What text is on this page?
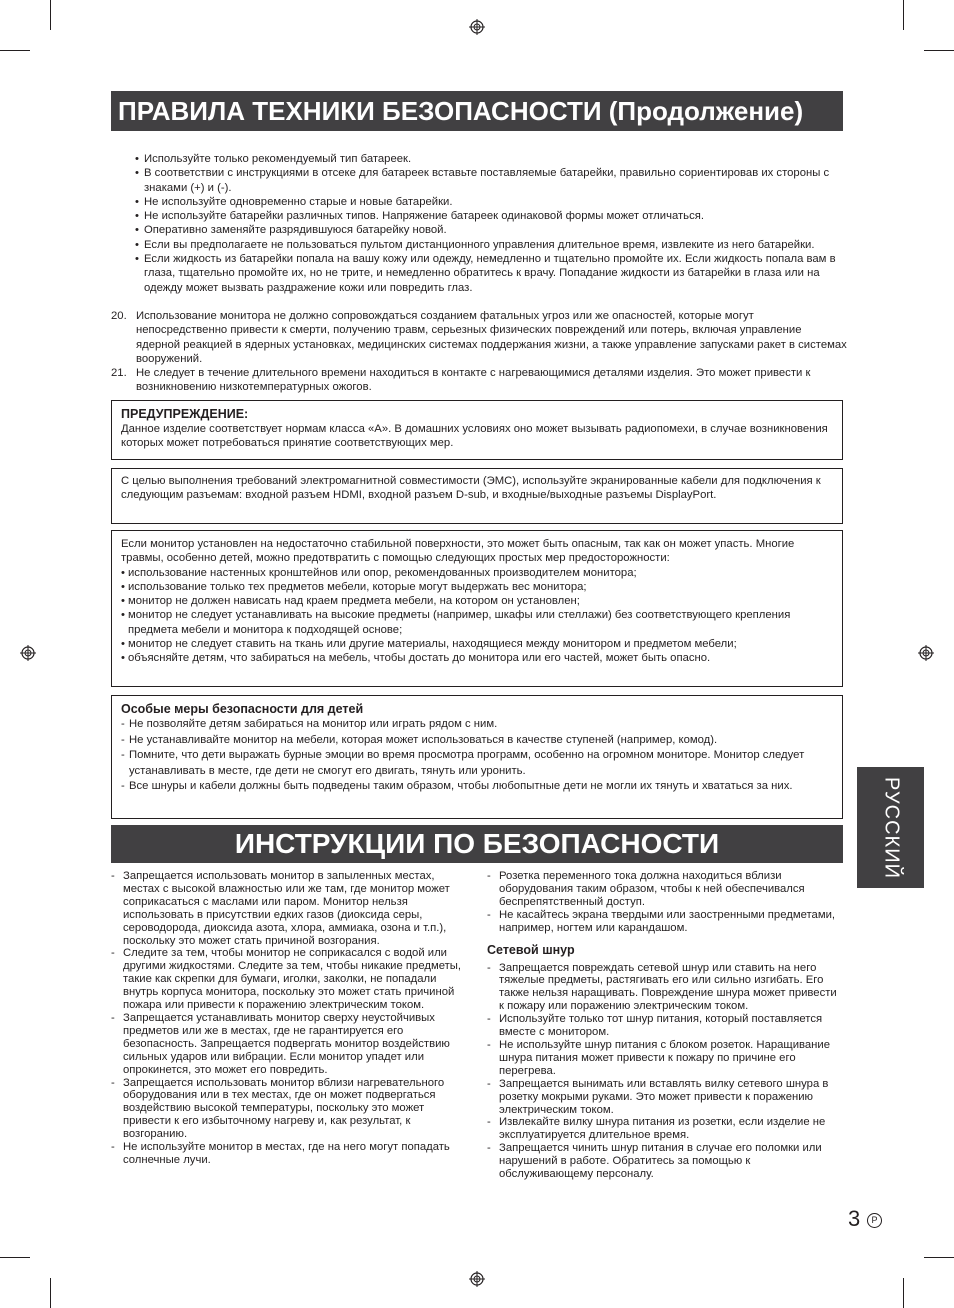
ПРАВИЛА ТЕХНИКИ БЕЗОПАСНОСТИ (Продолжение)
• Используйте только рекомендуемый тип батареек.
• В соответствии с инструкциями в отсеке для батареек вставьте поставляемые батарейки, правильно сориентировав их стороны с знаками (+) и (-).
• Не используйте одновременно старые и новые батарейки.
• Не используйте батарейки различных типов. Напряжение батареек одинаковой формы может отличаться.
• Оперативно заменяйте разрядившуюся батарейку новой.
• Если вы предполагаете не пользоваться пультом дистанционного управления длительное время, извлеките из него батарейки.
• Если жидкость из батарейки попала на вашу кожу или одежду, немедленно и тщательно промойте их. Если жидкость попала вам в глаза, тщательно промойте их, но не трите, и немедленно обратитесь к врачу. Попадание жидкости из батарейки в глаза или на одежду может вызвать раздражение кожи или повредить глаз.
20. Использование монитора не должно сопровождаться созданием фатальных угроз или же опасностей, которые могут непосредственно привести к смерти, получению травм, серьезных физических повреждений или потерь, включая управление ядерной реакцией в ядерных установках, медицинских системах поддержания жизни, а также управление запусками ракет в системах вооружений.
21. Не следует в течение длительного времени находиться в контакте с нагревающимися деталями изделия. Это может привести к возникновению низкотемпературных ожогов.
ПРЕДУПРЕЖДЕНИЕ:
Данное изделие соответствует нормам класса «A». В домашних условиях оно может вызывать радиопомехи, в случае возникновения которых может потребоваться принятие соответствующих мер.
С целью выполнения требований электромагнитной совместимости (ЭМС), используйте экранированные кабели для подключения к следующим разъемам: входной разъем HDMI, входной разъем D-sub, и входные/выходные разъемы DisplayPort.
Если монитор установлен на недостаточно стабильной поверхности, это может быть опасным, так как он может упасть. Многие травмы, особенно детей, можно предотвратить с помощью следующих простых мер предосторожности:
• использование настенных кронштейнов или опор, рекомендованных производителем монитора;
• использование только тех предметов мебели, которые могут выдержать вес монитора;
• монитор не должен нависать над краем предмета мебели, на котором он установлен;
• монитор не следует устанавливать на высокие предметы (например, шкафы или стеллажи) без соответствующего крепления предмета мебели и монитора к подходящей основе;
• монитор не следует ставить на ткань или другие материалы, находящиеся между монитором и предметом мебели;
• объясняйте детям, что забираться на мебель, чтобы достать до монитора или его частей, может быть опасно.
Особые меры безопасности для детей
- Не позволяйте детям забираться на монитор или играть рядом с ним.
- Не устанавливайте монитор на мебели, которая может использоваться в качестве ступеней (например, комод).
- Помните, что дети выражать бурные эмоции во время просмотра программ, особенно на огромном мониторе. Монитор следует устанавливать в месте, где дети не смогут его двигать, тянуть или уронить.
- Все шнуры и кабели должны быть подведены таким образом, чтобы любопытные дети не могли их тянуть и хвататься за них.
ИНСТРУКЦИИ ПО БЕЗОПАСНОСТИ
- Запрещается использовать монитор в запыленных местах, местах с высокой влажностью или же там, где монитор может соприкасаться с маслами или паром. Монитор нельзя использовать в присутствии едких газов (диоксида серы, сероводорода, диоксида азота, хлора, аммиака, озона и т.п.), поскольку это может стать причиной возгорания.
- Следите за тем, чтобы монитор не соприкасался с водой или другими жидкостями. Следите за тем, чтобы никакие предметы, такие как скрепки для бумаги, иголки, заколки, не попадали внутрь корпуса монитора, поскольку это может стать причиной пожара или привести к поражению электрическим током.
- Запрещается устанавливать монитор сверху неустойчивых предметов или же в местах, где не гарантируется его безопасность. Запрещается подвергать монитор воздействию сильных ударов или вибрации. Если монитор упадет или опрокинется, это может его повредить.
- Запрещается использовать монитор вблизи нагревательного оборудования или в тех местах, где он может подвергаться воздействию высокой температуры, поскольку это может привести к его избыточному нагреву и, как результат, к возгоранию.
- Не используйте монитор в местах, где на него могут попадать солнечные лучи.
- Розетка переменного тока должна находиться вблизи оборудования таким образом, чтобы к ней обеспечивался беспрепятственный доступ.
- Не касайтесь экрана твердыми или заостренными предметами, например, ногтем или карандашом.
Сетевой шнур
- Запрещается повреждать сетевой шнур или ставить на него тяжелые предметы, растягивать его или сильно изгибать. Его также нельзя наращивать. Повреждение шнура может привести к пожару или поражению электрическим током.
- Используйте только тот шнур питания, который поставляется вместе с монитором.
- Не используйте шнур питания с блоком розеток. Наращивание шнура питания может привести к пожару по причине его перегрева.
- Запрещается вынимать или вставлять вилку сетевого шнура в розетку мокрыми руками. Это может привести к поражению электрическим током.
- Извлекайте вилку шнура питания из розетки, если изделие не эксплуатируется длительное время.
- Запрещается чинить шнур питания в случае его поломки или нарушений в работе. Обратитесь за помощью к обслуживающему персоналу.
РУССКИЙ
3	P
